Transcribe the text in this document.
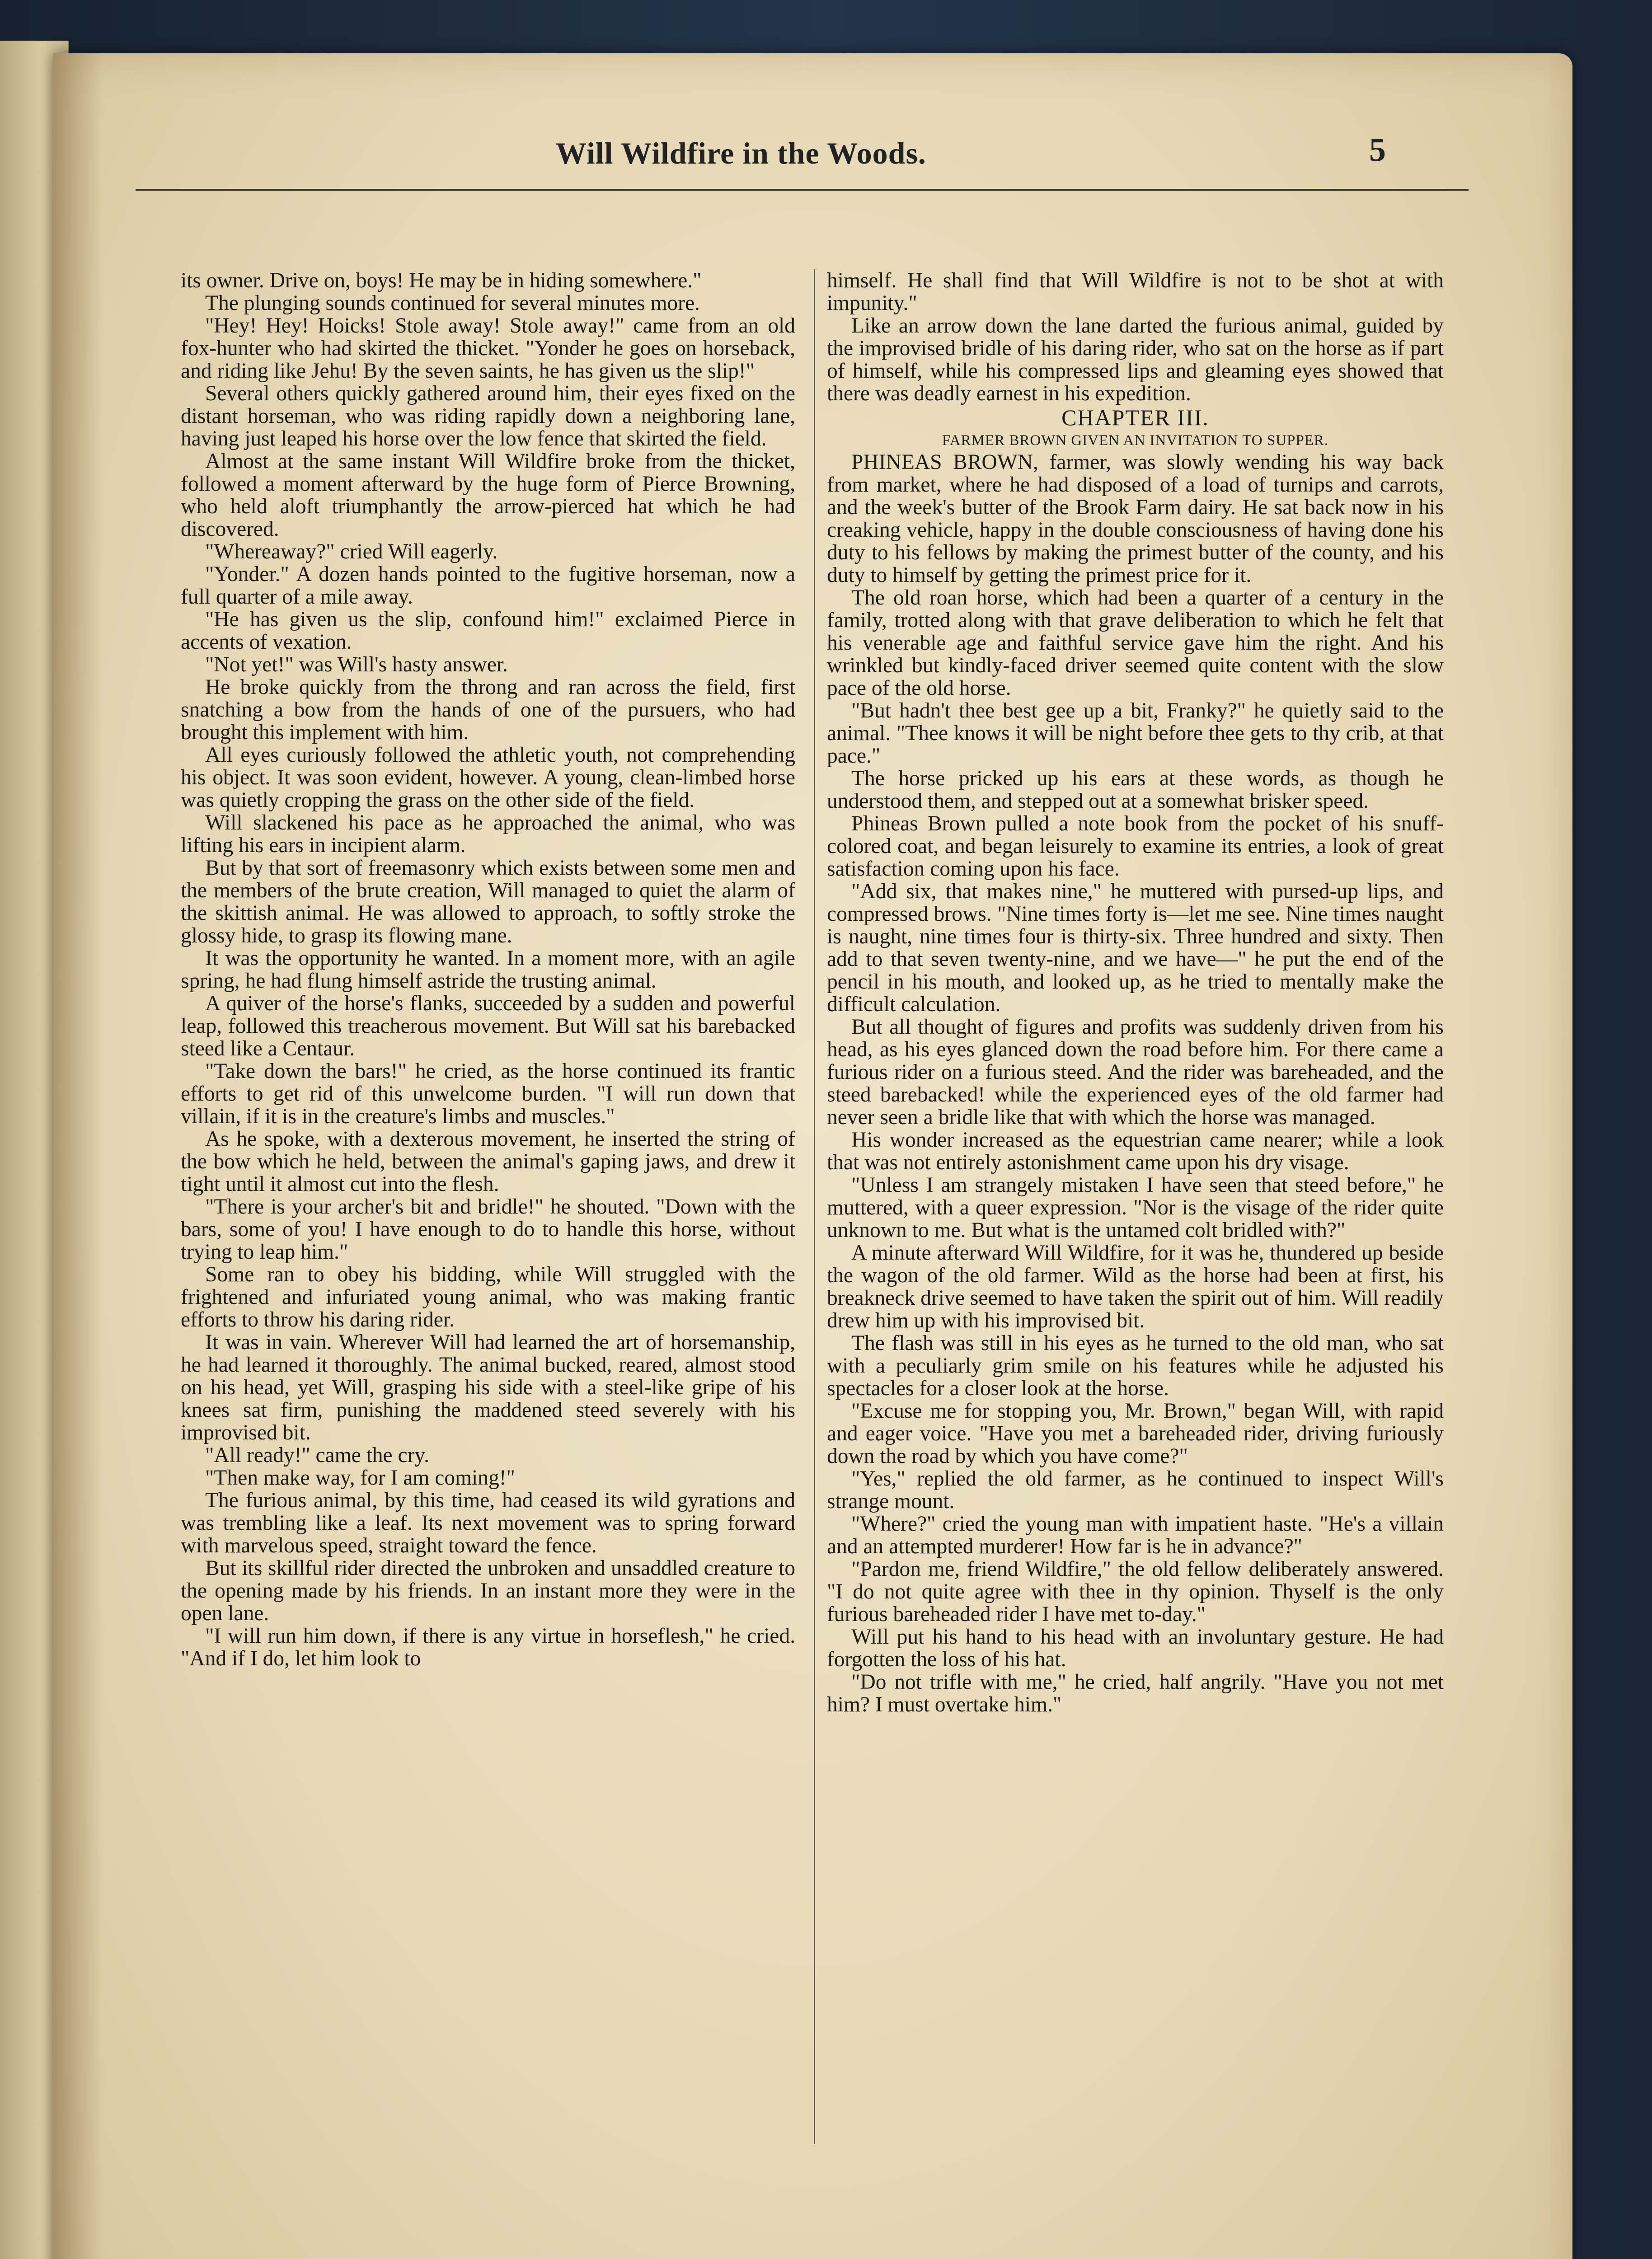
Will Wildfire in the Woods.	5

its owner. Drive on, boys! He may be in hiding somewhere."

The plunging sounds continued for several minutes more.

"Hey! Hey! Hoicks! Stole away! Stole away!" came from an old fox-hunter who had skirted the thicket. "Yonder he goes on horseback, and riding like Jehu! By the seven saints, he has given us the slip!"

Several others quickly gathered around him, their eyes fixed on the distant horseman, who was riding rapidly down a neighboring lane, having just leaped his horse over the low fence that skirted the field.

Almost at the same instant Will Wildfire broke from the thicket, followed a moment afterward by the huge form of Pierce Browning, who held aloft triumphantly the arrow-pierced hat which he had discovered.

"Whereaway?" cried Will eagerly.

"Yonder." A dozen hands pointed to the fugitive horseman, now a full quarter of a mile away.

"He has given us the slip, confound him!" exclaimed Pierce in accents of vexation.

"Not yet!" was Will's hasty answer.

He broke quickly from the throng and ran across the field, first snatching a bow from the hands of one of the pursuers, who had brought this implement with him.

All eyes curiously followed the athletic youth, not comprehending his object. It was soon evident, however. A young, clean-limbed horse was quietly cropping the grass on the other side of the field.

Will slackened his pace as he approached the animal, who was lifting his ears in incipient alarm.

But by that sort of freemasonry which exists between some men and the members of the brute creation, Will managed to quiet the alarm of the skittish animal. He was allowed to approach, to softly stroke the glossy hide, to grasp its flowing mane.

It was the opportunity he wanted. In a moment more, with an agile spring, he had flung himself astride the trusting animal.

A quiver of the horse's flanks, succeeded by a sudden and powerful leap, followed this treacherous movement. But Will sat his barebacked steed like a Centaur.

"Take down the bars!" he cried, as the horse continued its frantic efforts to get rid of this unwelcome burden. "I will run down that villain, if it is in the creature's limbs and muscles."

As he spoke, with a dexterous movement, he inserted the string of the bow which he held, between the animal's gaping jaws, and drew it tight until it almost cut into the flesh.

"There is your archer's bit and bridle!" he shouted. "Down with the bars, some of you! I have enough to do to handle this horse, without trying to leap him."

Some ran to obey his bidding, while Will struggled with the frightened and infuriated young animal, who was making frantic efforts to throw his daring rider.

It was in vain. Wherever Will had learned the art of horsemanship, he had learned it thoroughly. The animal bucked, reared, almost stood on his head, yet Will, grasping his side with a steel-like gripe of his knees sat firm, punishing the maddened steed severely with his improvised bit.

"All ready!" came the cry.

"Then make way, for I am coming!"

The furious animal, by this time, had ceased its wild gyrations and was trembling like a leaf. Its next movement was to spring forward with marvelous speed, straight toward the fence.

But its skillful rider directed the unbroken and unsaddled creature to the opening made by his friends. In an instant more they were in the open lane.

"I will run him down, if there is any virtue in horseflesh," he cried. "And if I do, let him look to

himself. He shall find that Will Wildfire is not to be shot at with impunity."

Like an arrow down the lane darted the furious animal, guided by the improvised bridle of his daring rider, who sat on the horse as if part of himself, while his compressed lips and gleaming eyes showed that there was deadly earnest in his expedition.

CHAPTER III.

FARMER BROWN GIVEN AN INVITATION TO SUPPER.

PHINEAS BROWN, farmer, was slowly wending his way back from market, where he had disposed of a load of turnips and carrots, and the week's butter of the Brook Farm dairy. He sat back now in his creaking vehicle, happy in the double consciousness of having done his duty to his fellows by making the primest butter of the county, and his duty to himself by getting the primest price for it.

The old roan horse, which had been a quarter of a century in the family, trotted along with that grave deliberation to which he felt that his venerable age and faithful service gave him the right. And his wrinkled but kindly-faced driver seemed quite content with the slow pace of the old horse.

"But hadn't thee best gee up a bit, Franky?" he quietly said to the animal. "Thee knows it will be night before thee gets to thy crib, at that pace."

The horse pricked up his ears at these words, as though he understood them, and stepped out at a somewhat brisker speed.

Phineas Brown pulled a note book from the pocket of his snuff-colored coat, and began leisurely to examine its entries, a look of great satisfaction coming upon his face.

"Add six, that makes nine," he muttered with pursed-up lips, and compressed brows. "Nine times forty is—let me see. Nine times naught is naught, nine times four is thirty-six. Three hundred and sixty. Then add to that seven twenty-nine, and we have—" he put the end of the pencil in his mouth, and looked up, as he tried to mentally make the difficult calculation.

But all thought of figures and profits was suddenly driven from his head, as his eyes glanced down the road before him. For there came a furious rider on a furious steed. And the rider was bareheaded, and the steed barebacked! while the experienced eyes of the old farmer had never seen a bridle like that with which the horse was managed.

His wonder increased as the equestrian came nearer; while a look that was not entirely astonishment came upon his dry visage.

"Unless I am strangely mistaken I have seen that steed before," he muttered, with a queer expression. "Nor is the visage of the rider quite unknown to me. But what is the untamed colt bridled with?"

A minute afterward Will Wildfire, for it was he, thundered up beside the wagon of the old farmer. Wild as the horse had been at first, his breakneck drive seemed to have taken the spirit out of him. Will readily drew him up with his improvised bit.

The flash was still in his eyes as he turned to the old man, who sat with a peculiarly grim smile on his features while he adjusted his spectacles for a closer look at the horse.

"Excuse me for stopping you, Mr. Brown," began Will, with rapid and eager voice. "Have you met a bareheaded rider, driving furiously down the road by which you have come?"

"Yes," replied the old farmer, as he continued to inspect Will's strange mount.

"Where?" cried the young man with impatient haste. "He's a villain and an attempted murderer! How far is he in advance?"

"Pardon me, friend Wildfire," the old fellow deliberately answered. "I do not quite agree with thee in thy opinion. Thyself is the only furious bareheaded rider I have met to-day."

Will put his hand to his head with an involuntary gesture. He had forgotten the loss of his hat.

"Do not trifle with me," he cried, half angrily. "Have you not met him? I must overtake him."
